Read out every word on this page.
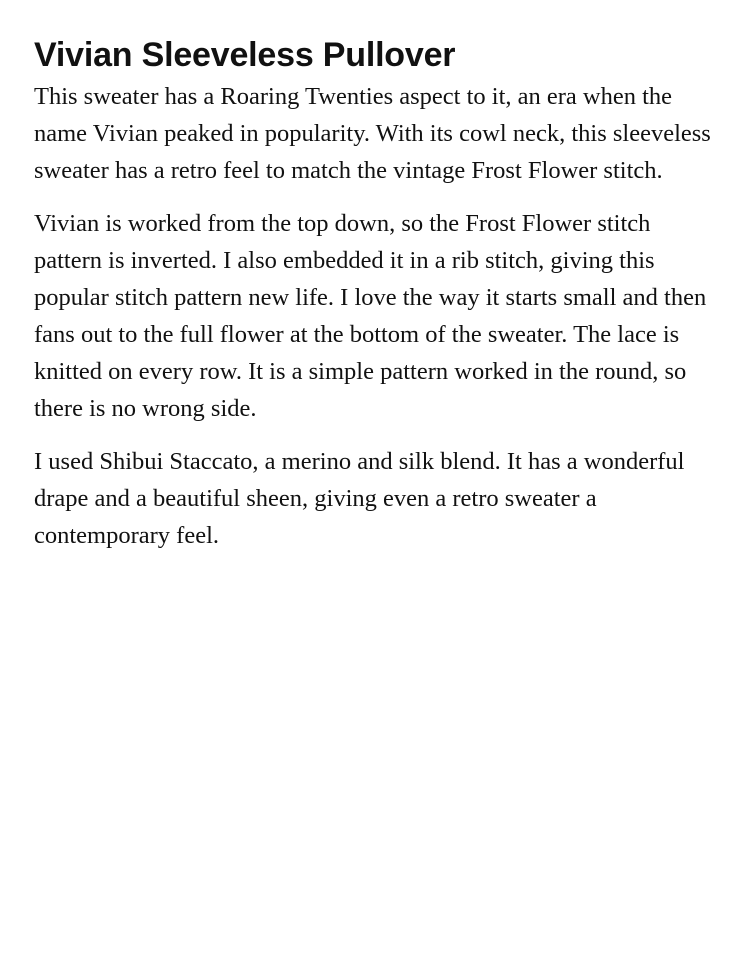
Vivian Sleeveless Pullover

This sweater has a Roaring Twenties aspect to it, an era when the name Vivian peaked in popularity. With its cowl neck, this sleeveless sweater has a retro feel to match the vintage Frost Flower stitch.

Vivian is worked from the top down, so the Frost Flower stitch pattern is inverted. I also embedded it in a rib stitch, giving this popular stitch pattern new life. I love the way it starts small and then fans out to the full flower at the bottom of the sweater. The lace is knitted on every row. It is a simple pattern worked in the round, so there is no wrong side.

I used Shibui Staccato, a merino and silk blend. It has a wonderful drape and a beautiful sheen, giving even a retro sweater a contemporary feel.
